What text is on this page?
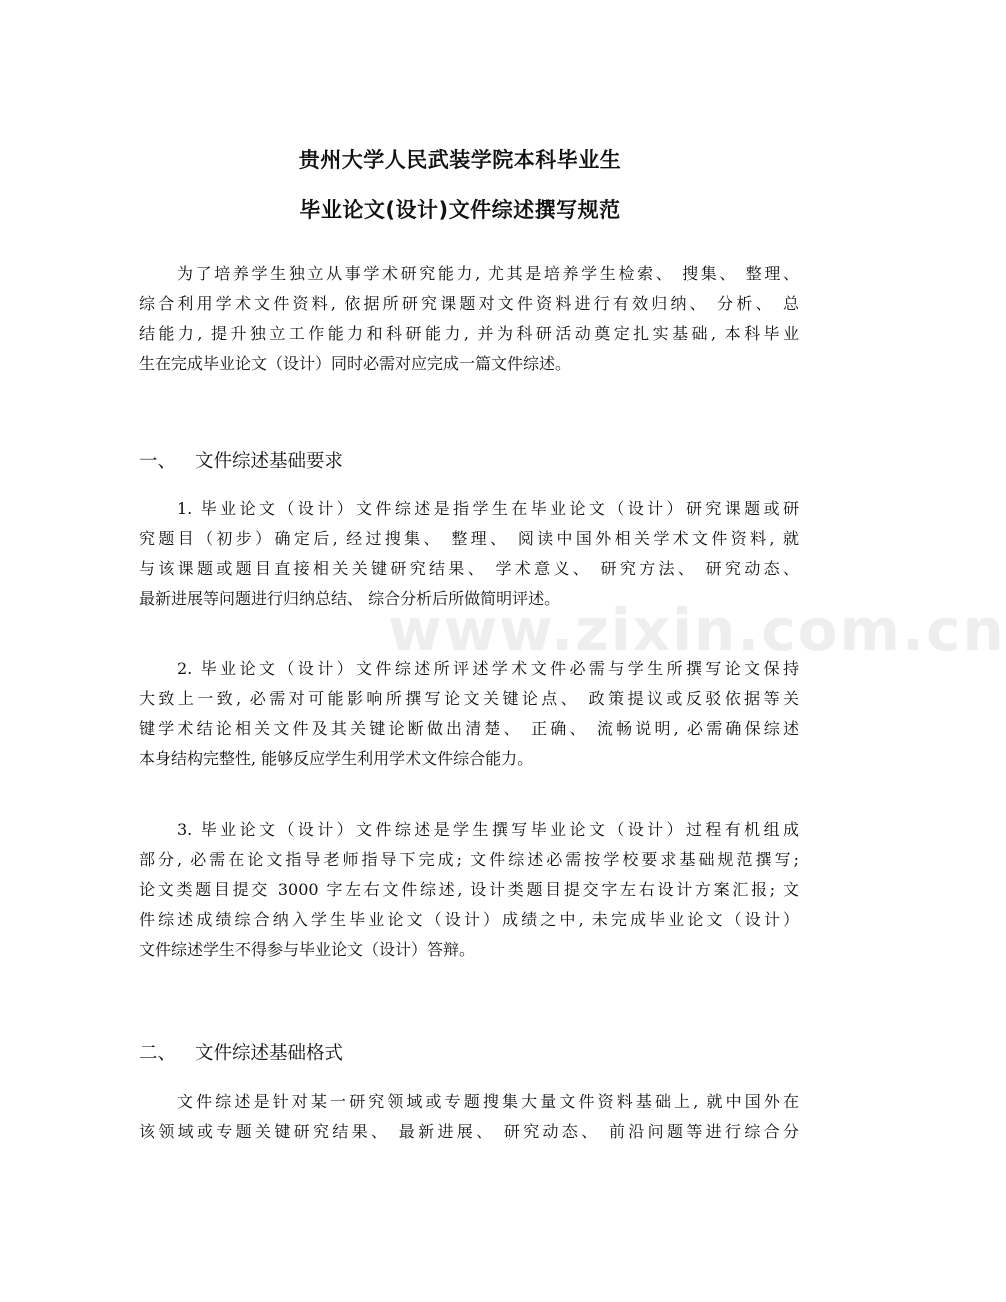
贵州大学人民武装学院本科毕业生
毕业论文(设计)文件综述撰写规范
为了培养学生独立从事学术研究能力, 尤其是培养学生检索、 搜集、 整理、
综合利用学术文件资料, 依据所研究课题对文件资料进行有效归纳、 分析、 总
结能力, 提升独立工作能力和科研能力, 并为科研活动奠定扎实基础, 本科毕业
生在完成毕业论文（设计）同时必需对应完成一篇文件综述。
一、 文件综述基础要求
1. 毕业论文（设计）文件综述是指学生在毕业论文（设计）研究课题或研
究题目（初步）确定后, 经过搜集、 整理、 阅读中国外相关学术文件资料, 就
与该课题或题目直接相关关键研究结果、 学术意义、 研究方法、 研究动态、
最新进展等问题进行归纳总结、 综合分析后所做简明评述。
2. 毕业论文（设计）文件综述所评述学术文件必需与学生所撰写论文保持
大致上一致, 必需对可能影响所撰写论文关键论点、 政策提议或反驳依据等关
键学术结论相关文件及其关键论断做出清楚、 正确、 流畅说明, 必需确保综述
本身结构完整性, 能够反应学生利用学术文件综合能力。
3. 毕业论文（设计）文件综述是学生撰写毕业论文（设计）过程有机组成
部分, 必需在论文指导老师指导下完成; 文件综述必需按学校要求基础规范撰写;
论文类题目提交 3000 字左右文件综述, 设计类题目提交字左右设计方案汇报; 文
件综述成绩综合纳入学生毕业论文（设计）成绩之中, 未完成毕业论文（设计）
文件综述学生不得参与毕业论文（设计）答辩。
二、 文件综述基础格式
文件综述是针对某一研究领域或专题搜集大量文件资料基础上, 就中国外在
该领域或专题关键研究结果、 最新进展、 研究动态、 前沿问题等进行综合分
www.zixin.com.cn
